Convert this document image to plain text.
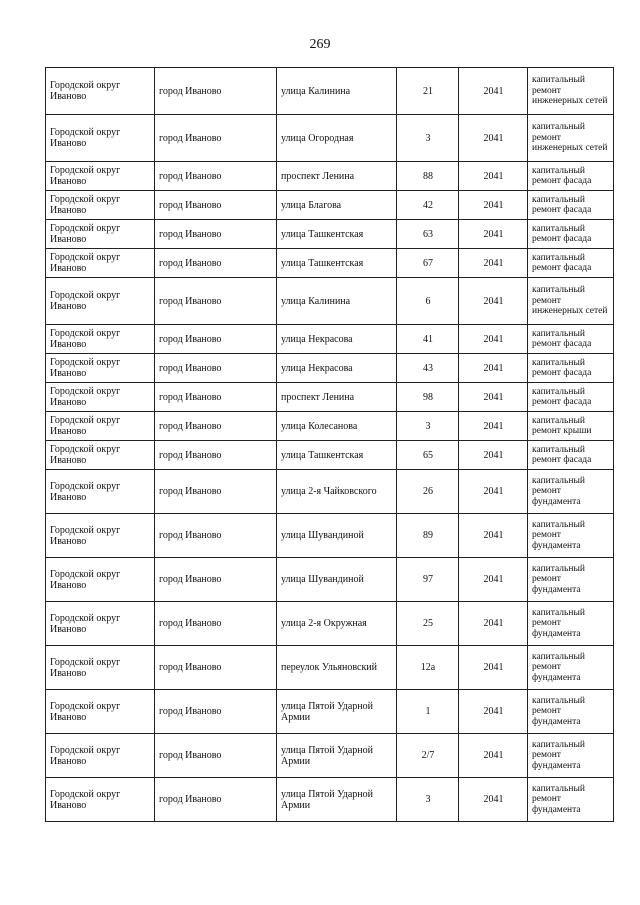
269
Городской округ Иваново	город Иваново	улица Калинина	21	2041	капитальный ремонт инженерных сетей
Городской округ Иваново	город Иваново	улица Огородная	3	2041	капитальный ремонт инженерных сетей
Городской округ Иваново	город Иваново	проспект Ленина	88	2041	капитальный ремонт фасада
Городской округ Иваново	город Иваново	улица Благова	42	2041	капитальный ремонт фасада
Городской округ Иваново	город Иваново	улица Ташкентская	63	2041	капитальный ремонт фасада
Городской округ Иваново	город Иваново	улица Ташкентская	67	2041	капитальный ремонт фасада
Городской округ Иваново	город Иваново	улица Калинина	6	2041	капитальный ремонт инженерных сетей
Городской округ Иваново	город Иваново	улица Некрасова	41	2041	капитальный ремонт фасада
Городской округ Иваново	город Иваново	улица Некрасова	43	2041	капитальный ремонт фасада
Городской округ Иваново	город Иваново	проспект Ленина	98	2041	капитальный ремонт фасада
Городской округ Иваново	город Иваново	улица Колесанова	3	2041	капитальный ремонт крыши
Городской округ Иваново	город Иваново	улица Ташкентская	65	2041	капитальный ремонт фасада
Городской округ Иваново	город Иваново	улица 2-я Чайковского	26	2041	капитальный ремонт фундамента
Городской округ Иваново	город Иваново	улица Шувандиной	89	2041	капитальный ремонт фундамента
Городской округ Иваново	город Иваново	улица Шувандиной	97	2041	капитальный ремонт фундамента
Городской округ Иваново	город Иваново	улица 2-я Окружная	25	2041	капитальный ремонт фундамента
Городской округ Иваново	город Иваново	переулок Ульяновский	12а	2041	капитальный ремонт фундамента
Городской округ Иваново	город Иваново	улица Пятой Ударной Армии	1	2041	капитальный ремонт фундамента
Городской округ Иваново	город Иваново	улица Пятой Ударной Армии	2/7	2041	капитальный ремонт фундамента
Городской округ Иваново	город Иваново	улица Пятой Ударной Армии	3	2041	капитальный ремонт фундамента
